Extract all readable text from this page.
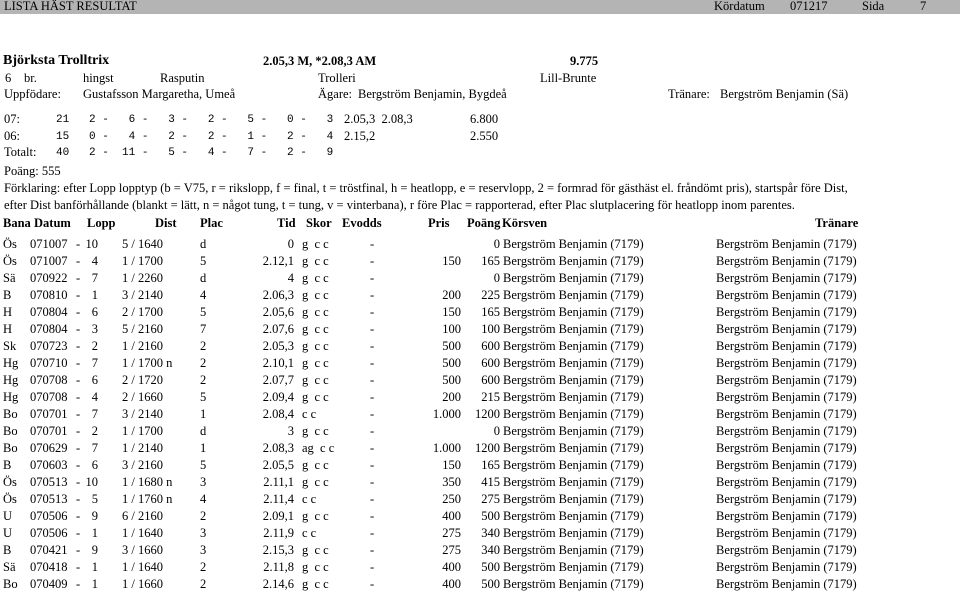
LISTA HÄST RESULTAT	Kördatum 071217	Sida	7
Björksta Trolltrix	2.05,3 M, *2.08,3 AM	9.775
6 br.	hingst	Rasputin	Trolleri	Lill-Brunte
Uppfödare: Gustafsson Margaretha, Umeå	Ägare: Bergström Benjamin, Bygdeå	Tränare: Bergström Benjamin (Sä)
07:	21   2 -   6 -   3 -   2 -   5 -   0 -   3 2.05,3  2.08,3	6.800
06:	15   0 -   4 -   2 -   2 -   1 -   2 -   4 2.15,2	2.550
Totalt: 40   2 -  11 -   5 -   4 -   7 -   2 -   9
Poäng: 555
Förklaring: efter Lopp lopptyp (b = V75, r = rikslopp, f = final, t = tröstfinal, h = heatlopp, e = reservlopp, 2 = formrad för gästhäst el. fråndömt pris), startspår före Dist,
efter Dist banförhållande (blankt = lätt, n = något tung, t = tung, v = vinterbana), r före Plac = rapporterad, efter Plac slutplacering för heatlopp inom parentes.
Bana Datum Lopp	Dist Plac	Tid Skor Evodds	Pris Poäng Körsven	Tränare
Ös 071007 - 10 5 / 1640	d	0 g  c c	-	0 Bergström Benjamin (7179)	Bergström Benjamin (7179)
Ös 071007 - 4 1 / 1700	5	2.12,1 g  c c	-	150 165 Bergström Benjamin (7179)	Bergström Benjamin (7179)
Sä 070922 - 7 1 / 2260	d	4 g  c c	-	0 Bergström Benjamin (7179)	Bergström Benjamin (7179)
B 070810 - 1 3 / 2140	4	2.06,3 g  c c	-	200 225 Bergström Benjamin (7179)	Bergström Benjamin (7179)
H 070804 - 6 2 / 1700	5	2.05,6 g  c c	-	150 165 Bergström Benjamin (7179)	Bergström Benjamin (7179)
H 070804 - 3 5 / 2160	7	2.07,6 g  c c	-	100 100 Bergström Benjamin (7179)	Bergström Benjamin (7179)
Sk 070723 - 2 1 / 2160	2	2.05,3 g  c c	-	500 600 Bergström Benjamin (7179)	Bergström Benjamin (7179)
Hg 070710 - 7 1 / 1700 n 2	2.10,1 g  c c	-	500 600 Bergström Benjamin (7179)	Bergström Benjamin (7179)
Hg 070708 - 6 2 / 1720	2	2.07,7 g  c c	-	500 600 Bergström Benjamin (7179)	Bergström Benjamin (7179)
Hg 070708 - 4 2 / 1660	5	2.09,4 g  c c	-	200 215 Bergström Benjamin (7179)	Bergström Benjamin (7179)
Bo 070701 - 7 3 / 2140	1	2.08,4 c c	-	1.000 1200 Bergström Benjamin (7179)	Bergström Benjamin (7179)
Bo 070701 - 2 1 / 1700	d	3 g  c c	-	0 Bergström Benjamin (7179)	Bergström Benjamin (7179)
Bo 070629 - 7 1 / 2140	1	2.08,3 ag  c c	-	1.000 1200 Bergström Benjamin (7179)	Bergström Benjamin (7179)
B 070603 - 6 3 / 2160	5	2.05,5 g  c c	-	150 165 Bergström Benjamin (7179)	Bergström Benjamin (7179)
Ös 070513 - 10 1 / 1680 n 3	2.11,1 g  c c	-	350 415 Bergström Benjamin (7179)	Bergström Benjamin (7179)
Ös 070513 - 5 1 / 1760 n 4	2.11,4 c c	-	250 275 Bergström Benjamin (7179)	Bergström Benjamin (7179)
U 070506 - 9 6 / 2160	2	2.09,1 g  c c	-	400 500 Bergström Benjamin (7179)	Bergström Benjamin (7179)
U 070506 - 1 1 / 1640	3	2.11,9 c c	-	275 340 Bergström Benjamin (7179)	Bergström Benjamin (7179)
B 070421 - 9 3 / 1660	3	2.15,3 g  c c	-	275 340 Bergström Benjamin (7179)	Bergström Benjamin (7179)
Sä 070418 - 1 1 / 1640	2	2.11,8 g  c c	-	400 500 Bergström Benjamin (7179)	Bergström Benjamin (7179)
Bo 070409 - 1 1 / 1660	2	2.14,6 g  c c	-	400 500 Bergström Benjamin (7179)	Bergström Benjamin (7179)
